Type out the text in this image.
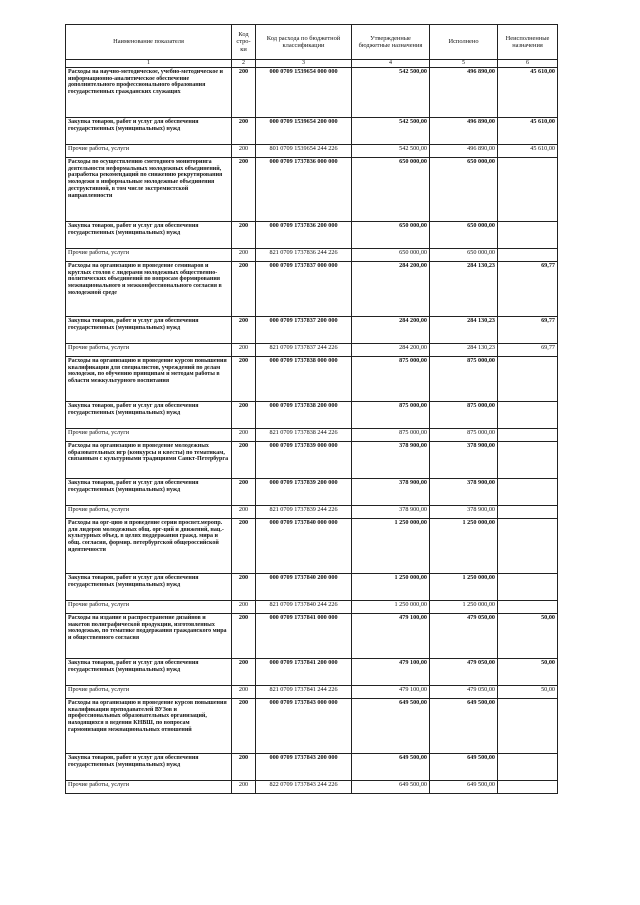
Наименование показателя	Код стро- ки	Код расхода по бюджетной классификации	Утвержденные бюджетные назначения	Исполнено	Неисполненные назначения
1	2	3	4	5	6
Расходы на научно-методическое, учебно-методическое и информационно-аналитическое обеспечение дополнительного профессионального образования государственных гражданских служащих	200	000 0709 1539654 000 000	542 500,00	496 890,00	45 610,00
Закупка товаров, работ и услуг для обеспечения государственных (муниципальных) нужд	200	000 0709 1539654 200 000	542 500,00	496 890,00	45 610,00
Прочие работы, услуги	200	801 0709 1539654 244 226	542 500,00	496 890,00	45 610,00
Расходы по осуществлению сметодного мониторинга деятельности неформальных молодежных объединений, разработка рекомендаций по снижению рекрутирования молодежи в информальные молодежные объединения деструктивной, в том числе экстремистской направленности	200	000 0709 1737836 000 000	650 000,00	650 000,00	
Закупка товаров, работ и услуг для обеспечения государственных (муниципальных) нужд	200	000 0709 1737836 200 000	650 000,00	650 000,00	
Прочие работы, услуги	200	821 0709 1737836 244 226	650 000,00	650 000,00	
Расходы на организацию и проведение семинаров и круглых столов с лидерами молодежных общественно-политических объединений по вопросам формирования межнационального и межконфессионального согласия в молодежной среде	200	000 0709 1737837 000 000	284 200,00	284 130,23	69,77
Закупка товаров, работ и услуг для обеспечения государственных (муниципальных) нужд	200	000 0709 1737837 200 000	284 200,00	284 130,23	69,77
Прочие работы, услуги	200	821 0709 1737837 244 226	284 200,00	284 130,23	69,77
Расходы на организацию и проведение курсов повышения квалификации для специалистов, учреждений по делам молодежи, по обучению принципам и методам работы в области межкультурного воспитания	200	000 0709 1737838 000 000	875 000,00	875 000,00	
Закупка товаров, работ и услуг для обеспечения государственных (муниципальных) нужд	200	000 0709 1737838 200 000	875 000,00	875 000,00	
Прочие работы, услуги	200	821 0709 1737838 244 226	875 000,00	875 000,00	
Расходы на организацию и проведение молодежных образовательных игр (конкурсы и квесты) по тематикам, связанным с культурными традициями Санкт-Петербурга	200	000 0709 1737839 000 000	378 900,00	378 900,00	
Закупка товаров, работ и услуг для обеспечения государственных (муниципальных) нужд	200	000 0709 1737839 200 000	378 900,00	378 900,00	
Прочие работы, услуги	200	821 0709 1737839 244 226	378 900,00	378 900,00	
Расходы на орг-цию и проведение серии просвет.меропр. для лидеров молодежных общ. орг-ций и движений, нац.-культурных объед. в целях поддержания гражд. мира и общ. согласия, формир. петербургской общероссийской идентичности	200	000 0709 1737840 000 000	1 250 000,00	1 250 000,00	
Закупка товаров, работ и услуг для обеспечения государственных (муниципальных) нужд	200	000 0709 1737840 200 000	1 250 000,00	1 250 000,00	
Прочие работы, услуги	200	821 0709 1737840 244 226	1 250 000,00	1 250 000,00	
Расходы на издание и распространение дизайнов и макетов полиграфической продукции, изготовленных молодежью, по тематике поддержания гражданского мира и общественного согласия	200	000 0709 1737841 000 000	479 100,00	479 050,00	50,00
Закупка товаров, работ и услуг для обеспечения государственных (муниципальных) нужд	200	000 0709 1737841 200 000	479 100,00	479 050,00	50,00
Прочие работы, услуги	200	821 0709 1737841 244 226	479 100,00	479 050,00	50,00
Расходы на организацию и проведение курсов повышения квалификации преподавателей ВУЗов и профессиональных образовательных организаций, находящихся в ведении КНВШ, по вопросам гармонизации межнациональных отношений	200	000 0709 1737843 000 000	649 500,00	649 500,00	
Закупка товаров, работ и услуг для обеспечения государственных (муниципальных) нужд	200	000 0709 1737843 200 000	649 500,00	649 500,00	
Прочие работы, услуги	200	822 0709 1737843 244 226	649 500,00	649 500,00	
